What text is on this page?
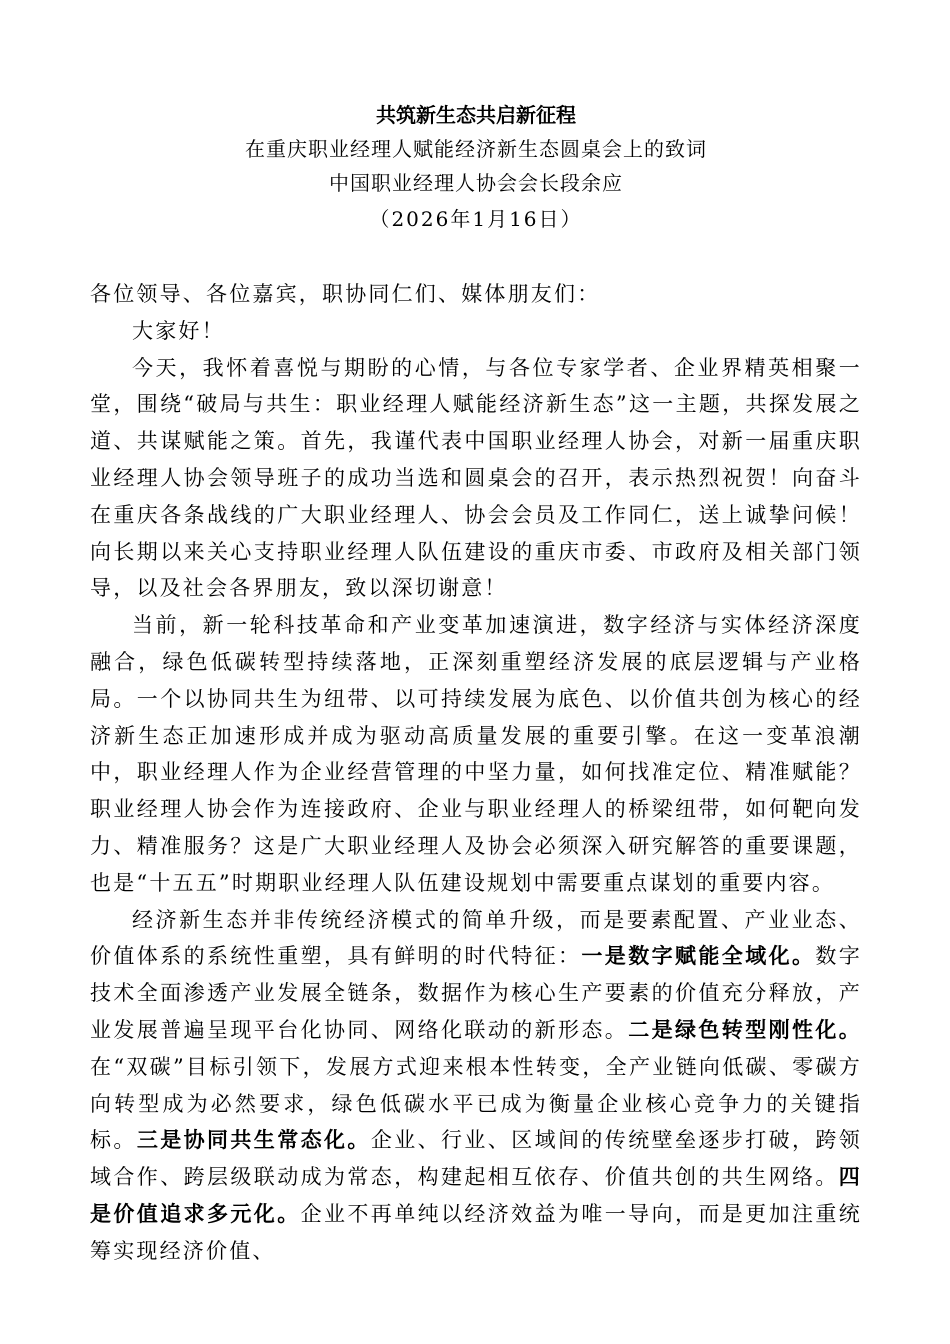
共筑新生态共启新征程
在重庆职业经理人赋能经济新生态圆桌会上的致词
中国职业经理人协会会长段余应
（2026年1月16日）

各位领导、各位嘉宾，职协同仁们、媒体朋友们：

大家好！

今天，我怀着喜悦与期盼的心情，与各位专家学者、企业界精英相聚一堂，围绕“破局与共生：职业经理人赋能经济新生态”这一主题，共探发展之道、共谋赋能之策。首先，我谨代表中国职业经理人协会，对新一届重庆职业经理人协会领导班子的成功当选和圆桌会的召开，表示热烈祝贺！向奋斗在重庆各条战线的广大职业经理人、协会会员及工作同仁，送上诚挚问候！向长期以来关心支持职业经理人队伍建设的重庆市委、市政府及相关部门领导，以及社会各界朋友，致以深切谢意！

当前，新一轮科技革命和产业变革加速演进，数字经济与实体经济深度融合，绿色低碳转型持续落地，正深刻重塑经济发展的底层逻辑与产业格局。一个以协同共生为纽带、以可持续发展为底色、以价值共创为核心的经济新生态正加速形成并成为驱动高质量发展的重要引擎。在这一变革浪潮中，职业经理人作为企业经营管理的中坚力量，如何找准定位、精准赋能？职业经理人协会作为连接政府、企业与职业经理人的桥梁纽带，如何靶向发力、精准服务？这是广大职业经理人及协会必须深入研究解答的重要课题，也是“十五五”时期职业经理人队伍建设规划中需要重点谋划的重要内容。

经济新生态并非传统经济模式的简单升级，而是要素配置、产业业态、价值体系的系统性重塑，具有鲜明的时代特征：一是数字赋能全域化。数字技术全面渗透产业发展全链条，数据作为核心生产要素的价值充分释放，产业发展普遍呈现平台化协同、网络化联动的新形态。二是绿色转型刚性化。在“双碳”目标引领下，发展方式迎来根本性转变，全产业链向低碳、零碳方向转型成为必然要求，绿色低碳水平已成为衡量企业核心竞争力的关键指标。三是协同共生常态化。企业、行业、区域间的传统壁垒逐步打破，跨领域合作、跨层级联动成为常态，构建起相互依存、价值共创的共生网络。四是价值追求多元化。企业不再单纯以经济效益为唯一导向，而是更加注重统筹实现经济价值、
